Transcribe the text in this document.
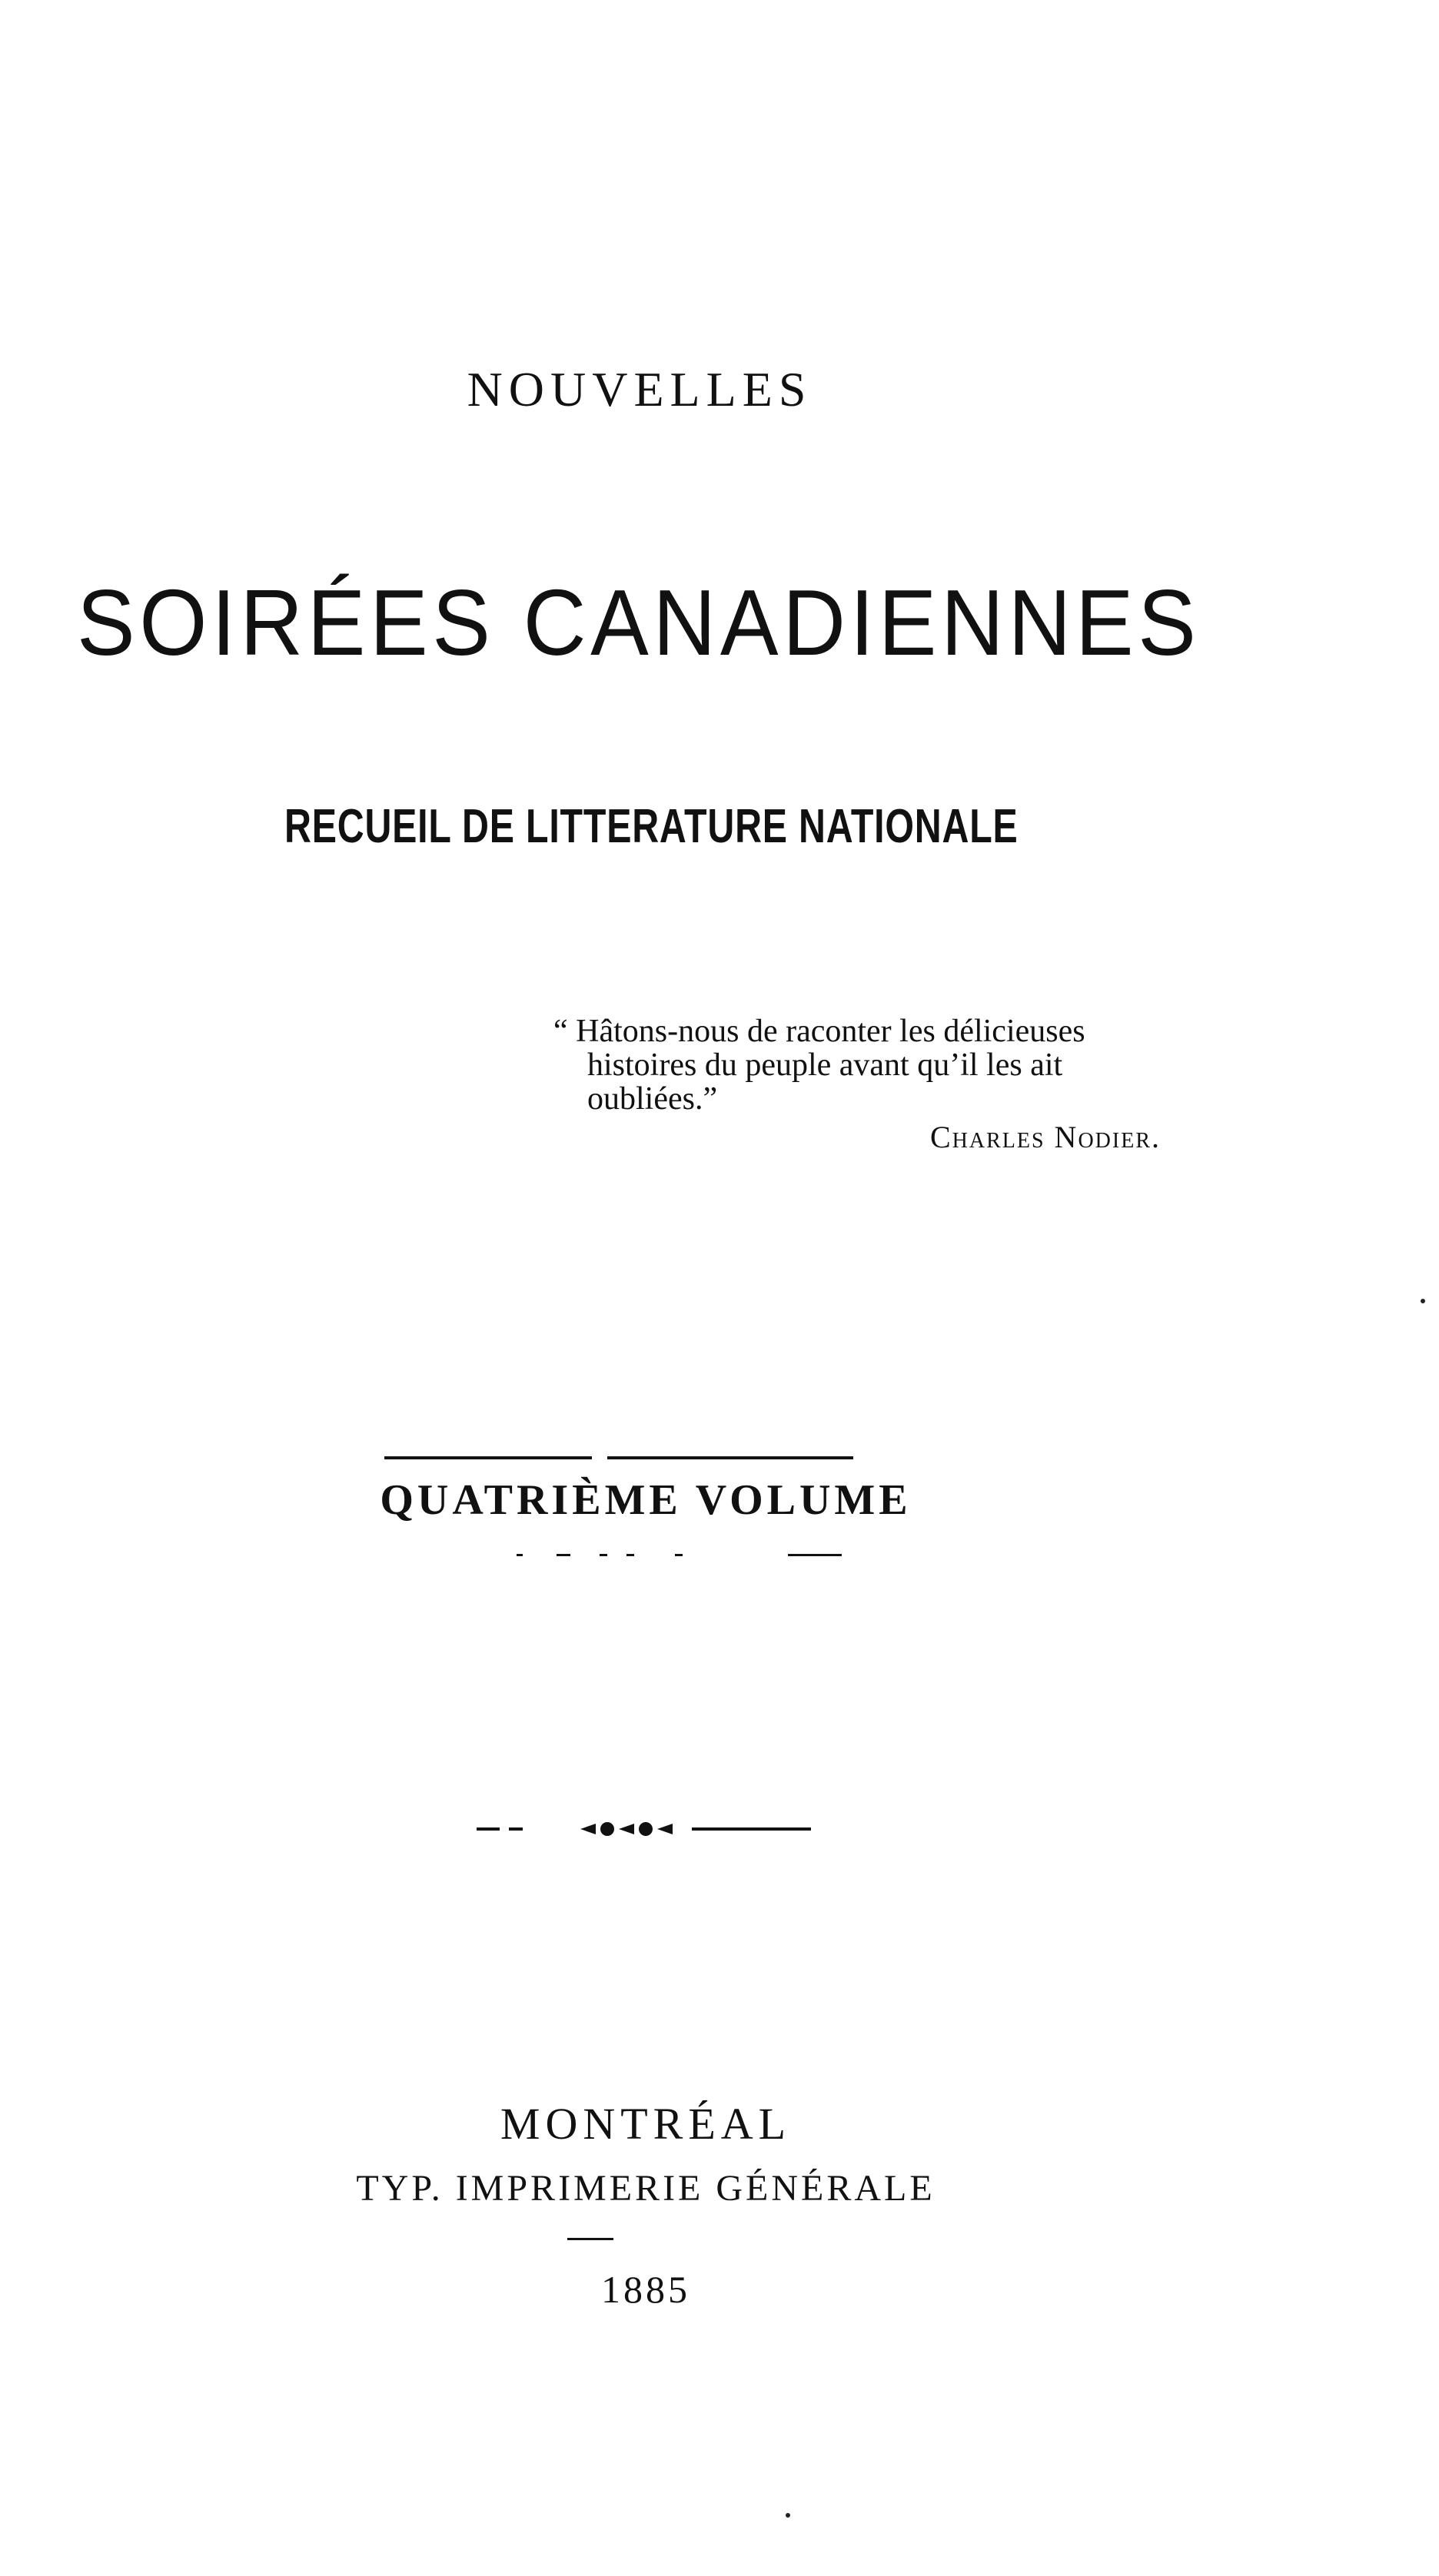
NOUVELLES
SOIRÉES CANADIENNES
RECUEIL DE LITTERATURE NATIONALE
“ Hâtons-nous de raconter les délicieuses
histoires du peuple avant qu’il les ait
oubliées.”
Charles Nodier.
QUATRIÈME VOLUME
MONTRÉAL
TYP. IMPRIMERIE GÉNÉRALE
1885
